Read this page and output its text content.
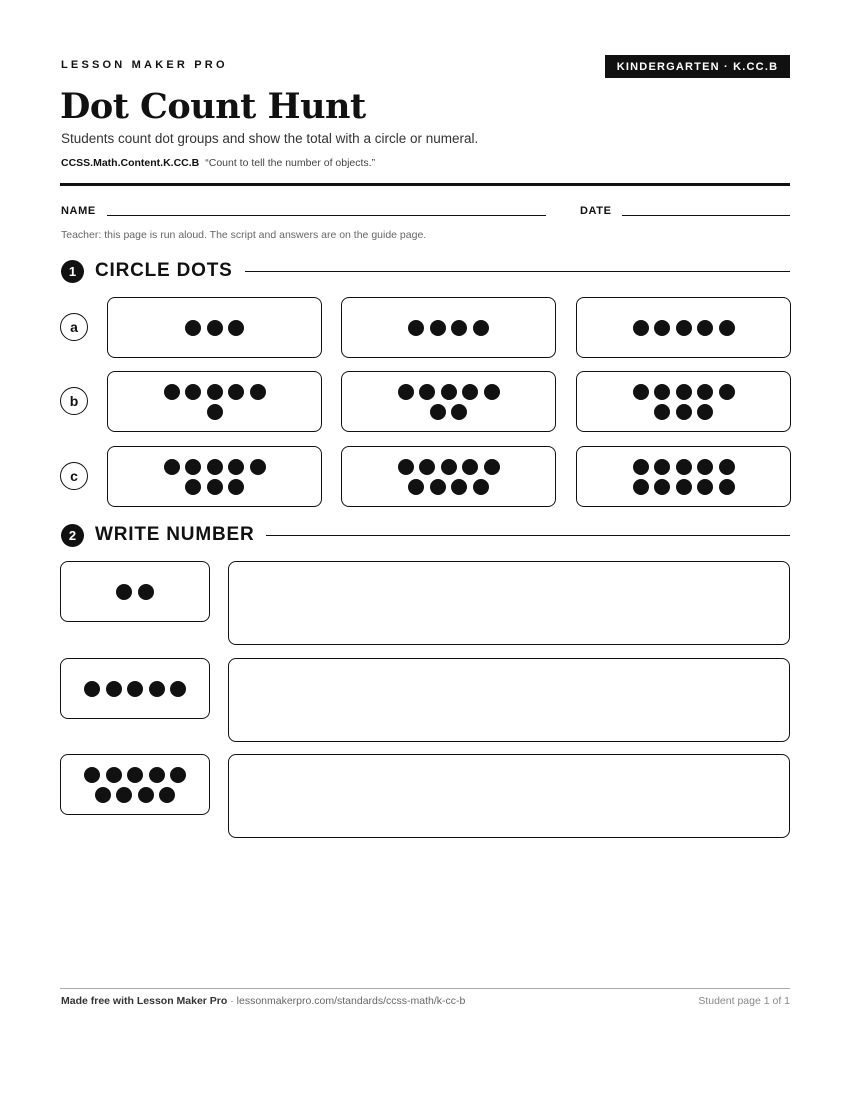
LESSON MAKER PRO	KINDERGARTEN · K.CC.B
Dot Count Hunt
Students count dot groups and show the total with a circle or numeral.
CCSS.Math.Content.K.CC.B “Count to tell the number of objects.”
NAME	DATE
Teacher: this page is run aloud. The script and answers are on the guide page.
1 CIRCLE DOTS
a
b
c
2 WRITE NUMBER
Made free with Lesson Maker Pro · lessonmakerpro.com/standards/ccss-math/k-cc-b	Student page 1 of 1
